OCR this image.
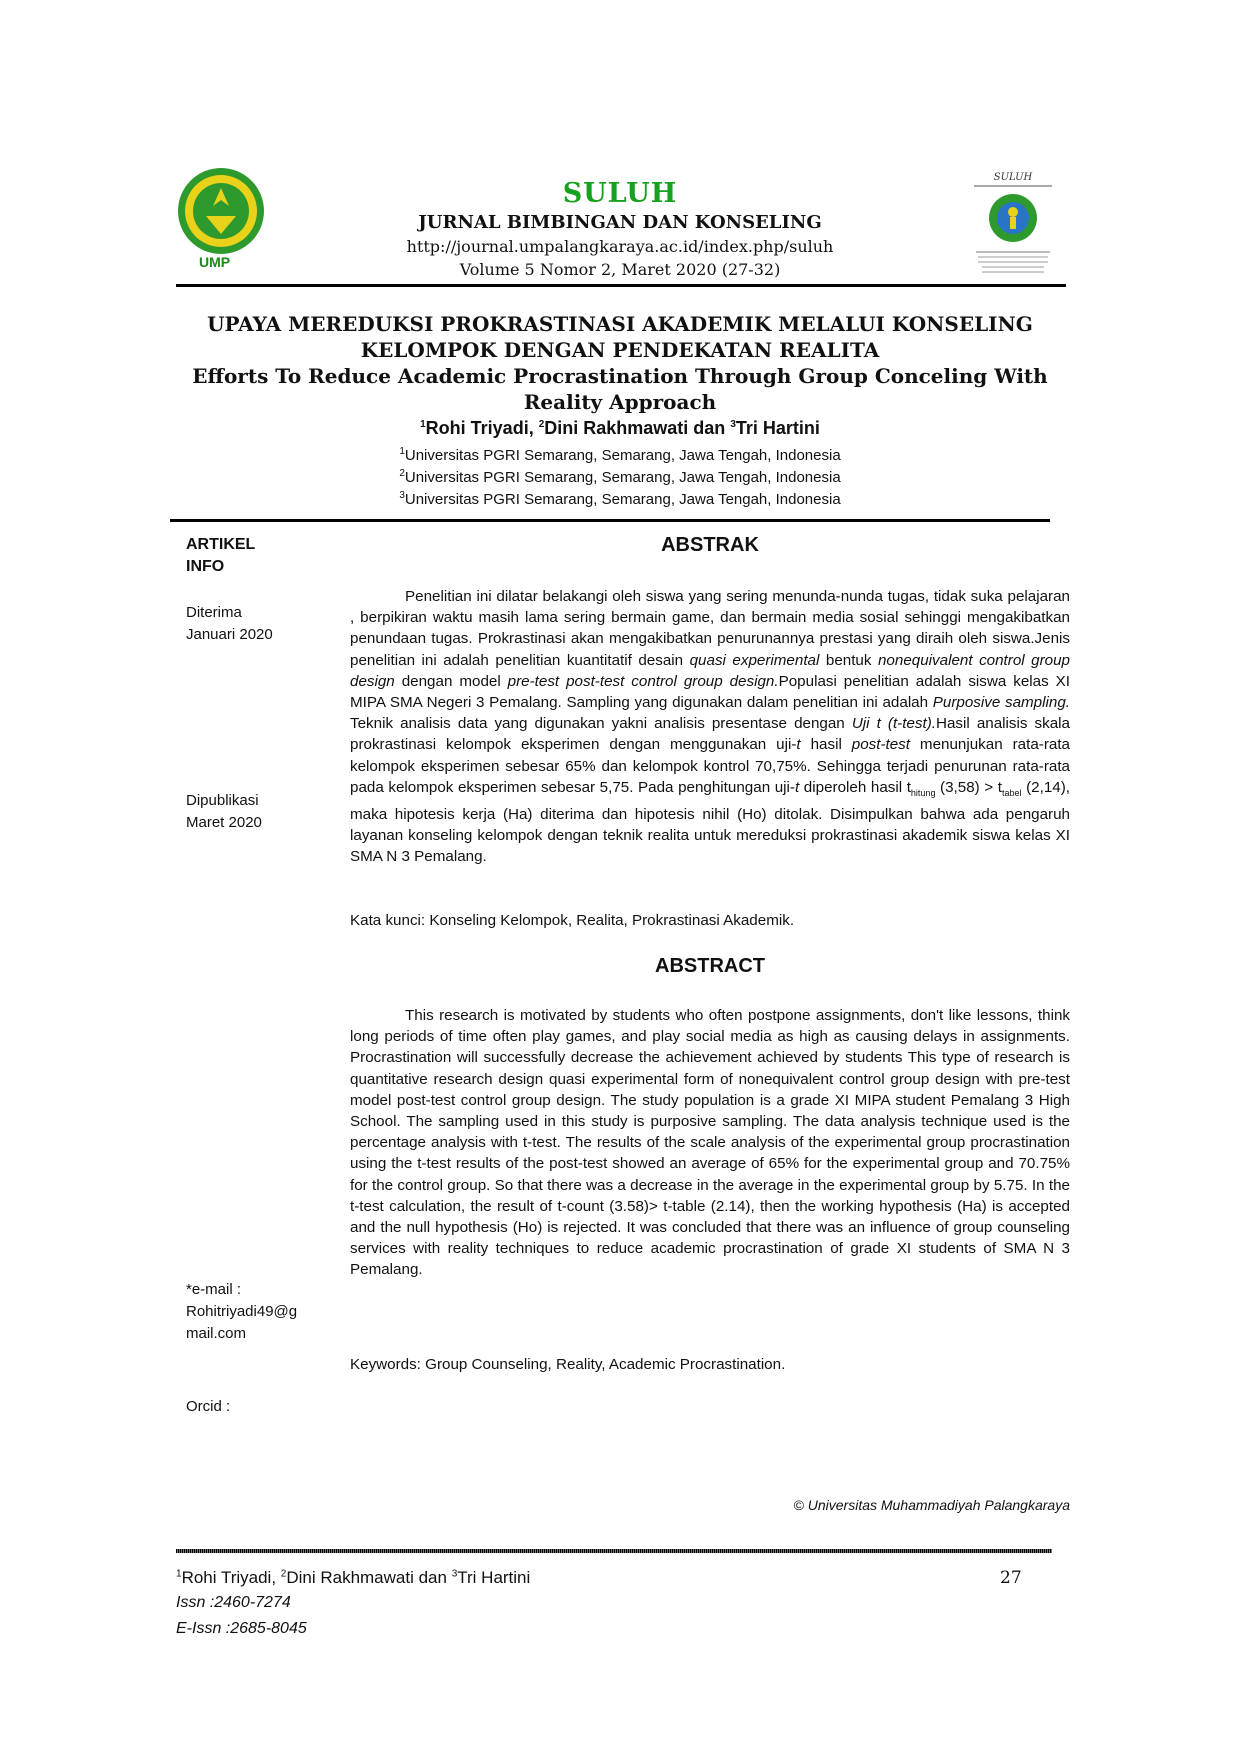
UMP
SULUH
JURNAL BIMBINGAN DAN KONSELING
http://journal.umpalangkaraya.ac.id/index.php/suluh
Volume 5 Nomor 2, Maret 2020 (27-32)
SULUH
UPAYA MEREDUKSI PROKRASTINASI AKADEMIK MELALUI KONSELING
KELOMPOK DENGAN PENDEKATAN REALITA
Efforts To Reduce Academic Procrastination Through Group Conceling With
Reality Approach
$^1$Rohi Triyadi, $^2$Dini Rakhmawati dan $^3$Tri Hartini
$^1$Universitas PGRI Semarang, Semarang, Jawa Tengah, Indonesia
$^2$Universitas PGRI Semarang, Semarang, Jawa Tengah, Indonesia
$^3$Universitas PGRI Semarang, Semarang, Jawa Tengah, Indonesia
ARTIKEL
INFO
Diterima
Januari 2020
Dipublikasi
Maret 2020
*e-mail :
Rohitriyadi49@g
mail.com
Orcid :
ABSTRAK
Penelitian ini dilatar belakangi oleh siswa yang sering menunda-nunda tugas, tidak suka pelajaran , berpikiran waktu masih lama sering bermain game, dan bermain media sosial sehinggi mengakibatkan penundaan tugas. Prokrastinasi akan mengakibatkan penurunannya prestasi yang diraih oleh siswa.Jenis penelitian ini adalah penelitian kuantitatif desain quasi experimental bentuk nonequivalent control group design dengan model pre-test post-test control group design.Populasi penelitian adalah siswa kelas XI MIPA SMA Negeri 3 Pemalang. Sampling yang digunakan dalam penelitian ini adalah Purposive sampling. Teknik analisis data yang digunakan yakni analisis presentase dengan Uji t (t-test).Hasil analisis skala prokrastinasi kelompok eksperimen dengan menggunakan uji-t hasil post-test menunjukan rata-rata kelompok eksperimen sebesar 65% dan kelompok kontrol 70,75%. Sehingga terjadi penurunan rata-rata pada kelompok eksperimen sebesar 5,75. Pada penghitungan uji-t diperoleh hasil $t_{hitung}$ $(3,58) > t_{tabel}$ (2,14), maka hipotesis kerja (Ha) diterima dan hipotesis nihil (Ho) ditolak. Disimpulkan bahwa ada pengaruh layanan konseling kelompok dengan teknik realita untuk mereduksi prokrastinasi akademik siswa kelas XI SMA N 3 Pemalang.
Kata kunci: Konseling Kelompok, Realita, Prokrastinasi Akademik.
ABSTRACT
This research is motivated by students who often postpone assignments, don't like lessons, think long periods of time often play games, and play social media as high as causing delays in assignments. Procrastination will successfully decrease the achievement achieved by students This type of research is quantitative research design quasi experimental form of nonequivalent control group design with pre-test model post-test control group design. The study population is a grade XI MIPA student Pemalang 3 High School. The sampling used in this study is purposive sampling. The data analysis technique used is the percentage analysis with t-test. The results of the scale analysis of the experimental group procrastination using the t-test results of the post-test showed an average of 65% for the experimental group and 70.75% for the control group. So that there was a decrease in the average in the experimental group by 5.75. In the t-test calculation, the result of t-count (3.58)> t-table (2.14), then the working hypothesis (Ha) is accepted and the null hypothesis (Ho) is rejected. It was concluded that there was an influence of group counseling services with reality techniques to reduce academic procrastination of grade XI students of SMA N 3 Pemalang.
Keywords: Group Counseling, Reality, Academic Procrastination.
© Universitas Muhammadiyah Palangkaraya
$^1$Rohi Triyadi, $^2$Dini Rakhmawati dan $^3$Tri Hartini	27
Issn :2460-7274
E-Issn :2685-8045
